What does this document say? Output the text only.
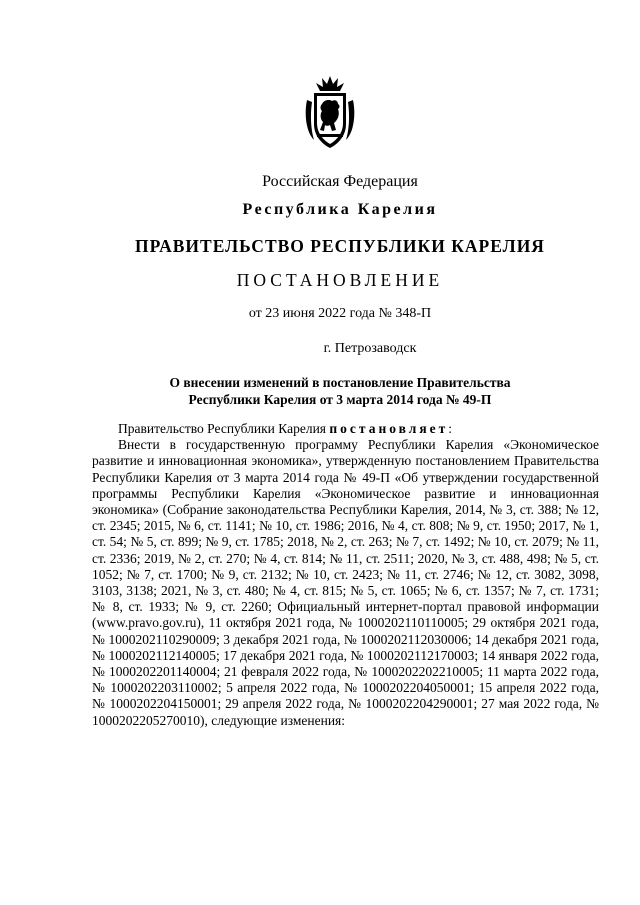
Российская Федерация
Республика Карелия
ПРАВИТЕЛЬСТВО РЕСПУБЛИКИ КАРЕЛИЯ
ПОСТАНОВЛЕНИЕ
от 23 июня 2022 года № 348-П
г. Петрозаводск
О внесении изменений в постановление Правительства
Республики Карелия от 3 марта 2014 года № 49-П

Правительство Республики Карелия постановляет:

Внести в государственную программу Республики Карелия «Экономическое развитие и инновационная экономика», утвержденную постановлением Правительства Республики Карелия от 3 марта 2014 года № 49-П «Об утверждении государственной программы Республики Карелия «Экономическое развитие и инновационная экономика» (Собрание законодательства Республики Карелия, 2014, № 3, ст. 388; № 12, ст. 2345; 2015, № 6, ст. 1141; № 10, ст. 1986; 2016, № 4, ст. 808; № 9, ст. 1950; 2017, № 1, ст. 54; № 5, ст. 899; № 9, ст. 1785; 2018, № 2, ст. 263; № 7, ст. 1492; № 10, ст. 2079; № 11, ст. 2336; 2019, № 2, ст. 270; № 4, ст. 814; № 11, ст. 2511; 2020, № 3, ст. 488, 498; № 5, ст. 1052; № 7, ст. 1700; № 9, ст. 2132; № 10, ст. 2423; № 11, ст. 2746; № 12, ст. 3082, 3098, 3103, 3138; 2021, № 3, ст. 480; № 4, ст. 815; № 5, ст. 1065; № 6, ст. 1357; № 7, ст. 1731; № 8, ст. 1933; № 9, ст. 2260; Официальный интернет-портал правовой информации (www.pravo.gov.ru), 11 октября 2021 года, № 1000202110110005; 29 октября 2021 года, № 1000202110290009; 3 декабря 2021 года, № 1000202112030006; 14 декабря 2021 года, № 1000202112140005; 17 декабря 2021 года, № 1000202112170003; 14 января 2022 года, № 1000202201140004; 21 февраля 2022 года, № 1000202202210005; 11 марта 2022 года, № 1000202203110002; 5 апреля 2022 года, № 1000202204050001; 15 апреля 2022 года, № 1000202204150001; 29 апреля 2022 года, № 1000202204290001; 27 мая 2022 года, № 1000202205270010), следующие изменения:
